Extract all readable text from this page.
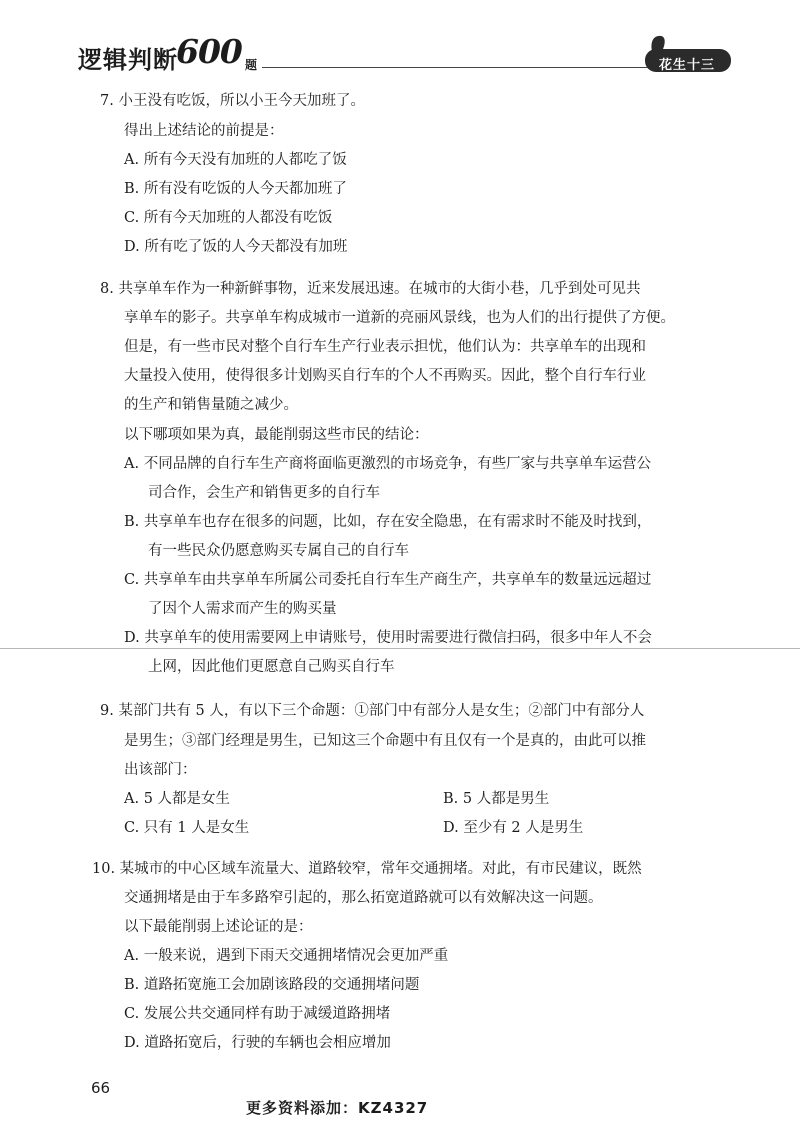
逻辑判断
600 题	花生十三
7. 小王没有吃饭，所以小王今天加班了。
得出上述结论的前提是：
A. 所有今天没有加班的人都吃了饭
B. 所有没有吃饭的人今天都加班了
C. 所有今天加班的人都没有吃饭
D. 所有吃了饭的人今天都没有加班
8. 共享单车作为一种新鲜事物，近来发展迅速。在城市的大街小巷，几乎到处可见共
享单车的影子。共享单车构成城市一道新的亮丽风景线，也为人们的出行提供了方便。
但是，有一些市民对整个自行车生产行业表示担忧，他们认为：共享单车的出现和
大量投入使用，使得很多计划购买自行车的个人不再购买。因此，整个自行车行业
的生产和销售量随之减少。
以下哪项如果为真，最能削弱这些市民的结论：
A. 不同品牌的自行车生产商将面临更激烈的市场竞争，有些厂家与共享单车运营公
司合作，会生产和销售更多的自行车
B. 共享单车也存在很多的问题，比如，存在安全隐患，在有需求时不能及时找到，
有一些民众仍愿意购买专属自己的自行车
C. 共享单车由共享单车所属公司委托自行车生产商生产，共享单车的数量远远超过
了因个人需求而产生的购买量
D. 共享单车的使用需要网上申请账号，使用时需要进行微信扫码，很多中年人不会
上网，因此他们更愿意自己购买自行车
9. 某部门共有 5 人，有以下三个命题：①部门中有部分人是女生；②部门中有部分人
是男生；③部门经理是男生，已知这三个命题中有且仅有一个是真的，由此可以推
出该部门：
A. 5 人都是女生	B. 5 人都是男生
C. 只有 1 人是女生	D. 至少有 2 人是男生
10. 某城市的中心区域车流量大、道路较窄，常年交通拥堵。对此，有市民建议，既然
交通拥堵是由于车多路窄引起的，那么拓宽道路就可以有效解决这一问题。
以下最能削弱上述论证的是：
A. 一般来说，遇到下雨天交通拥堵情况会更加严重
B. 道路拓宽施工会加剧该路段的交通拥堵问题
C. 发展公共交通同样有助于减缓道路拥堵
D. 道路拓宽后，行驶的车辆也会相应增加
66
更多资料添加：KZ4327
